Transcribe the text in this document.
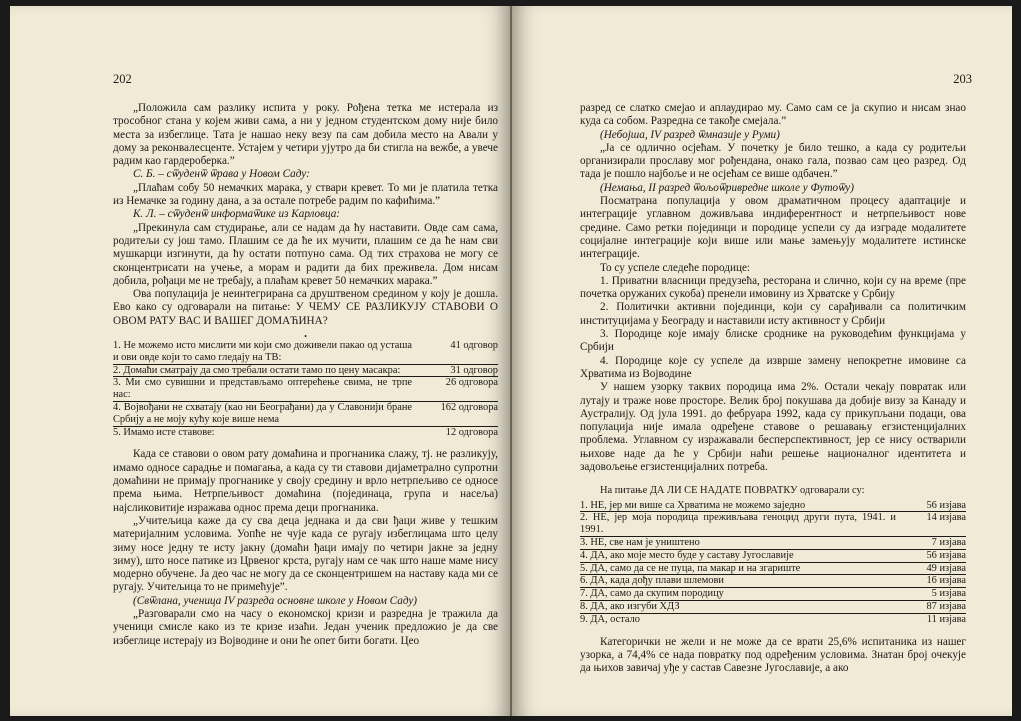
202

„Положила сам разлику испита у року. Рођена тетка ме истерала из трособног стана у којем живи сама, а ни у једном студентском дому није било места за избеглице. Тата је нашао неку везу па сам добила место на Авали у дому за реконвалесценте. Устајем у четири ујутро да би стигла на вежбе, а увече радим као гардероберка.”

С. Б. – сѿуденѿ ѿрава у Новом Саду:

„Плаћам собу 50 немачких марака, у ствари кревет. То ми је платила тетка из Немачке за годину дана, а за остале потребе радим по кафићима.”

К. Л. – сѿуденѿ информаѿике из Карловца:

„Прекинула сам студирање, али се надам да ћу наставити. Овде сам сама, родитељи су још тамо. Плашим се да ће их мучити, плашим се да ће нам сви мушкарци изгинути, да ћу остати потпуно сама. Од тих страхова не могу се сконцентрисати на учење, а морам и радити да бих преживела. Дом нисам добила, рођаци ме не требају, а плаћам кревет 50 немачких марака.”

Ова популација је неинтегрирана са друштвеном средином у коју је дошла. Ево како су одговарали на питање: У ЧЕМУ СЕ РАЗЛИКУЈУ СТАВОВИ О ОВОМ РАТУ ВАС И ВАШЕГ ДОМАЋИНА?

•
1. Не можемо исто мислити ми који смо доживели пакао од усташа и ови овде који то само гледају на ТВ:	41 одговор
2. Домаћи сматрају да смо требали остати тамо по цену масакра:	31 одговор
3. Ми смо сувишни и представљамо оптерећење свима, не трпе нас:	26 одговора
4. Војвођани не схватају (као ни Београђани) да у Славонији бране Србију а не моју кућу које више нема	162 одговора
5. Имамо исте ставове:	12 одговора

Када се ставови о овом рату домаћина и прогнаника слажу, тј. не разликују, имамо односе сарадње и помагања, а када су ти ставови дијаметрално супротни домаћини не примају прогнанике у своју средину и врло нетрпељиво се односе према њима. Нетрпељивост домаћина (појединаца, група и насеља) најсликовитије изражава однос према деци прогнаника.

„Учитељица каже да су сва деца једнака и да сви ђаци живе у тешким материјалним условима. Уопће не чује када се ругају избеглицама што целу зиму носе једну те исту јакну (домаћи ђаци имају по четири јакне за једну зиму), што носе патике из Црвеног крста, ругају нам се чак што наше маме нису модерно обучене. Ја део час не могу да се сконцентришем на наставу када ми се ругају. Учитељица то не примећује”.

(Свѿлана, ученица IV разреда основне школе у Новом Саду)

„Разговарали смо на часу о економској кризи и разредна је тражила да ученици смисле како из те кризе изаћи. Један ученик предложио је да све избеглице истерају из Војводине и они ће опет бити богати. Цео

203

разред се слатко смејао и аплаудирао му. Само сам се ја скупио и нисам знао куда са собом. Разредна се такође смејала.”

(Небојша, IV разред ѿмназије у Руми)

„Ја се одлично осјећам. У почетку је било тешко, а када су родитељи организирали прославу мог рођендана, онако гала, позвао сам цео разред. Од тада је пошло најбоље и не осјећам се више одбачен.”

(Немања, II разред ѿољоѿривредне школе у Футоѿу)

Посматрана популација у овом драматичном процесу адаптације и интеграције углавном доживљава индиферентност и нетрпељивост нове средине. Само ретки појединци и породице успели су да изграде модалитете социјалне интеграције који више или мање замењују модалитете истинске интеграције.

То су успеле следеће породице:

1. Приватни власници предузећа, ресторана и слично, који су на време (пре почетка оружаних сукоба) пренели имовину из Хрватске у Србију

2. Политички активни појединци, који су сарађивали са политичким институцијама у Београду и наставили исту активност у Србији

3. Породице које имају блиске сроднике на руководећим функцијама у Србији

4. Породице које су успеле да изврше замену непокретне имовине са Хрватима из Војводине

У нашем узорку таквих породица има 2%. Остали чекају повратак или лутају и траже нове просторе. Велик број покушава да добије визу за Канаду и Аустралију. Од јула 1991. до фебруара 1992, када су прикупљани подаци, ова популација није имала одређене ставове о решавању егзистенцијалних проблема. Углавном су изражавали бесперспективност, јер се нису остварили њихове наде да ће у Србији наћи решење националног идентитета и задовољење егзистенцијалних потреба.

На питање ДА ЛИ СЕ НАДАТЕ ПОВРАТКУ одговарали су:
1. НЕ, јер ми више са Хрватима не можемо заједно	56 изјава
2. НЕ, јер моја породица преживљава геноцид други пута, 1941. и 1991.	14 изјава
3. НЕ, све нам је уништено	7 изјава
4. ДА, ако моје место буде у саставу Југославије	56 изјава
5. ДА, само да се не пуца, па макар и на згариште	49 изјава
6. ДА, када дођу плави шлемови	16 изјава
7. ДА, само да скупим породицу	5 изјава
8. ДА, ако изгуби ХДЗ	87 изјава
9. ДА, остало	11 изјава

Категорички не жели и не може да се врати 25,6% испитаника из нашег узорка, а 74,4% се нада повратку под одређеним условима. Знатан број очекује да њихов завичај уђе у састав Савезне Југославије, а ако
